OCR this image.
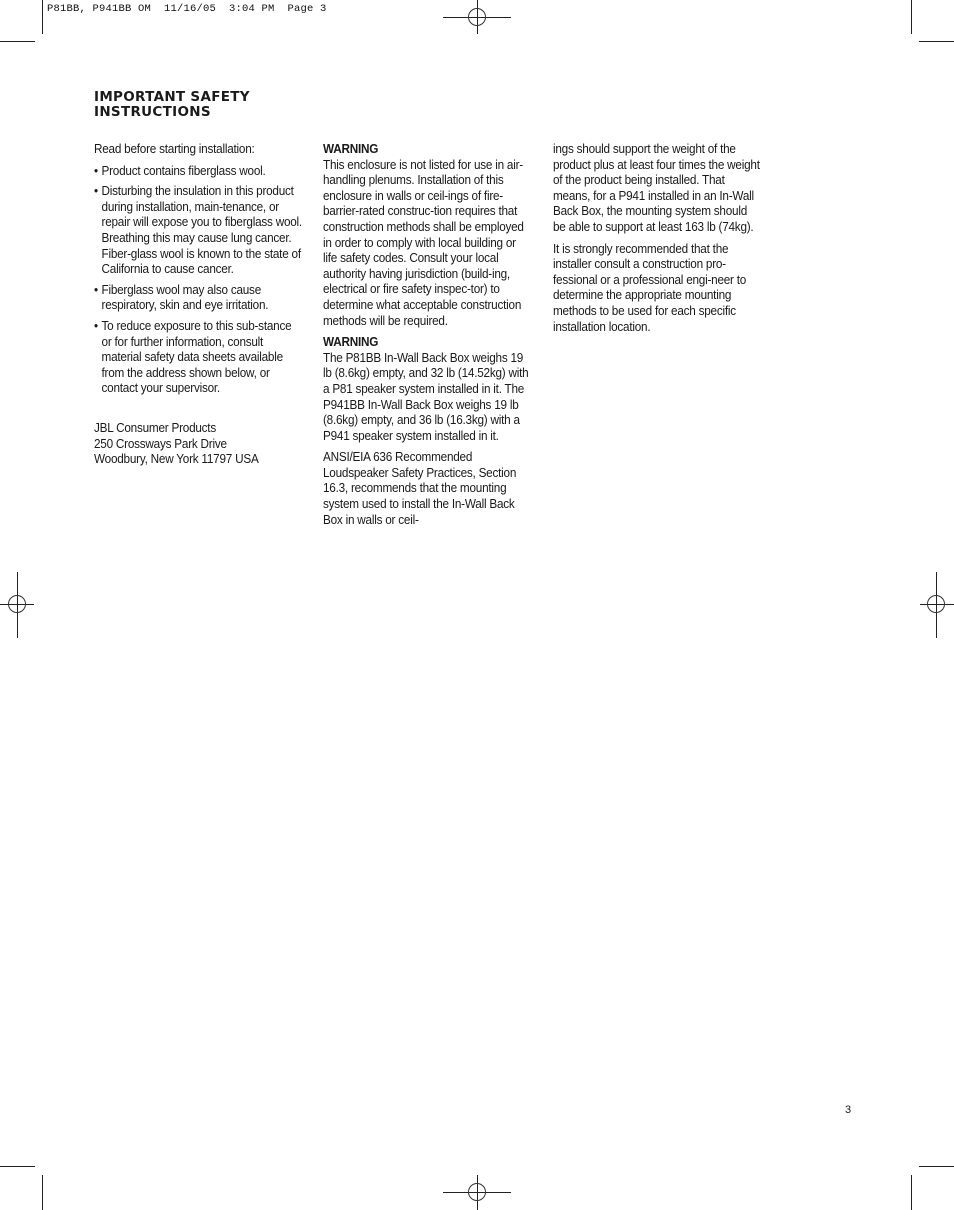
P81BB, P941BB OM  11/16/05  3:04 PM  Page 3
IMPORTANT SAFETY
INSTRUCTIONS

Read before starting installation:

• Product contains fiberglass wool.
• Disturbing the insulation in this product during installation, main-tenance, or repair will expose you to fiberglass wool. Breathing this may cause lung cancer. Fiber-glass wool is known to the state of California to cause cancer.
• Fiberglass wool may also cause respiratory, skin and eye irritation.
• To reduce exposure to this sub-stance or for further information, consult material safety data sheets available from the address shown below, or contact your supervisor.
JBL Consumer Products
250 Crossways Park Drive
Woodbury, New York 11797 USA
WARNING
This enclosure is not listed for use in air-handling plenums. Installation of this enclosure in walls or ceil-ings of fire-barrier-rated construc-tion requires that construction methods shall be employed in order to comply with local building or life safety codes. Consult your local authority having jurisdiction (build-ing, electrical or fire safety inspec-tor) to determine what acceptable construction methods will be required.
WARNING
The P81BB In-Wall Back Box weighs 19 lb (8.6kg) empty, and 32 lb (14.52kg) with a P81 speaker system installed in it. The P941BB In-Wall Back Box weighs 19 lb (8.6kg) empty, and 36 lb (16.3kg) with a P941 speaker system installed in it.

ANSI/EIA 636 Recommended Loudspeaker Safety Practices, Section 16.3, recommends that the mounting system used to install the In-Wall Back Box in walls or ceil-

ings should support the weight of the product plus at least four times the weight of the product being installed. That means, for a P941 installed in an In-Wall Back Box, the mounting system should be able to support at least 163 lb (74kg).

It is strongly recommended that the installer consult a construction pro-fessional or a professional engi-neer to determine the appropriate mounting methods to be used for each specific installation location.

3
